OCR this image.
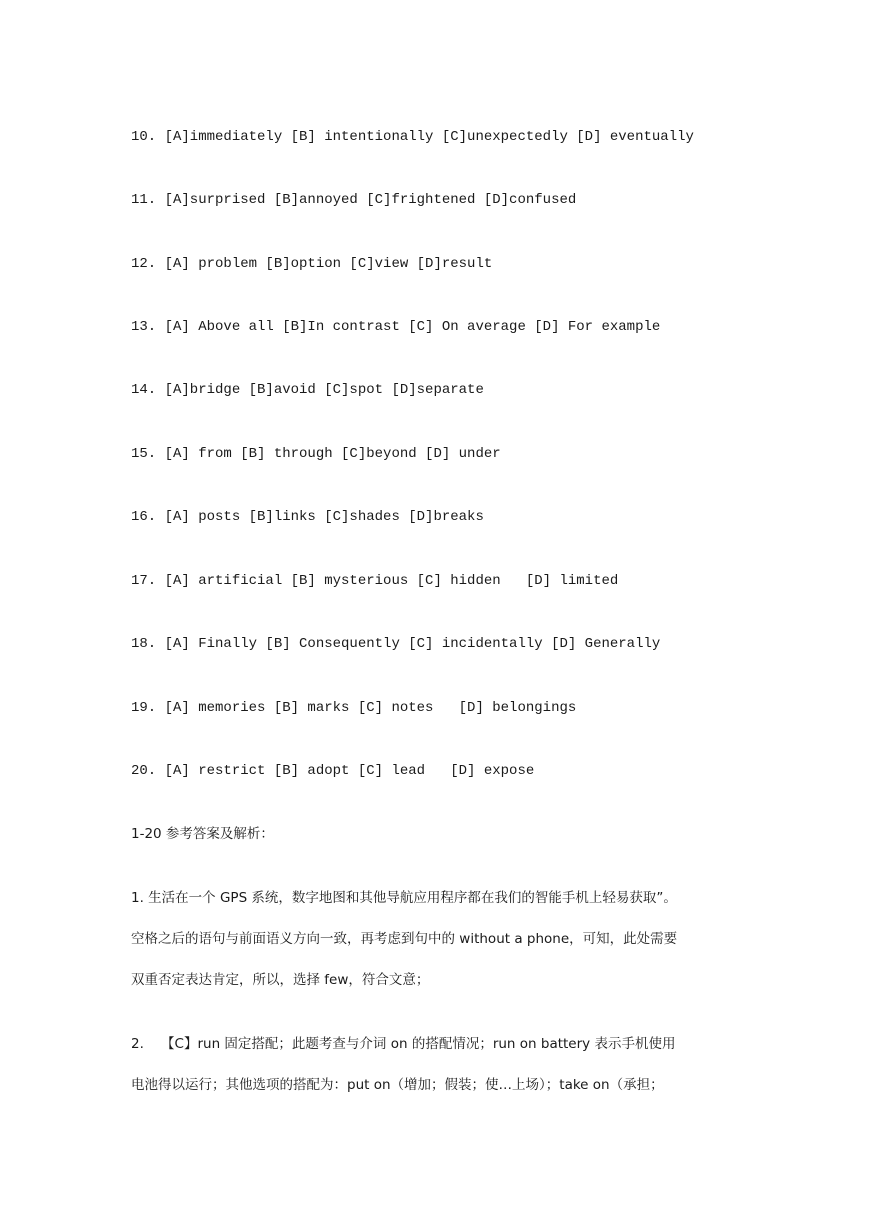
10. [A]immediately [B] intentionally [C]unexpectedly [D] eventually
11. [A]surprised [B]annoyed [C]frightened [D]confused
12. [A] problem [B]option [C]view [D]result
13. [A] Above all [B]In contrast [C] On average [D] For example
14. [A]bridge [B]avoid [C]spot [D]separate
15. [A] from [B] through [C]beyond [D] under
16. [A] posts [B]links [C]shades [D]breaks
17. [A] artificial [B] mysterious [C] hidden   [D] limited
18. [A] Finally [B] Consequently [C] incidentally [D] Generally
19. [A] memories [B] marks [C] notes   [D] belongings
20. [A] restrict [B] adopt [C] lead   [D] expose
1-20 参考答案及解析：
1. 生活在一个 GPS 系统，数字地图和其他导航应用程序都在我们的智能手机上轻易获取”。
空格之后的语句与前面语义方向一致，再考虑到句中的 without a phone，可知，此处需要
双重否定表达肯定，所以，选择 few，符合文意；
2.    【C】run 固定搭配；此题考查与介词 on 的搭配情况；run on battery 表示手机使用
电池得以运行；其他选项的搭配为：put on（增加；假装；使…上场）；take on（承担；
